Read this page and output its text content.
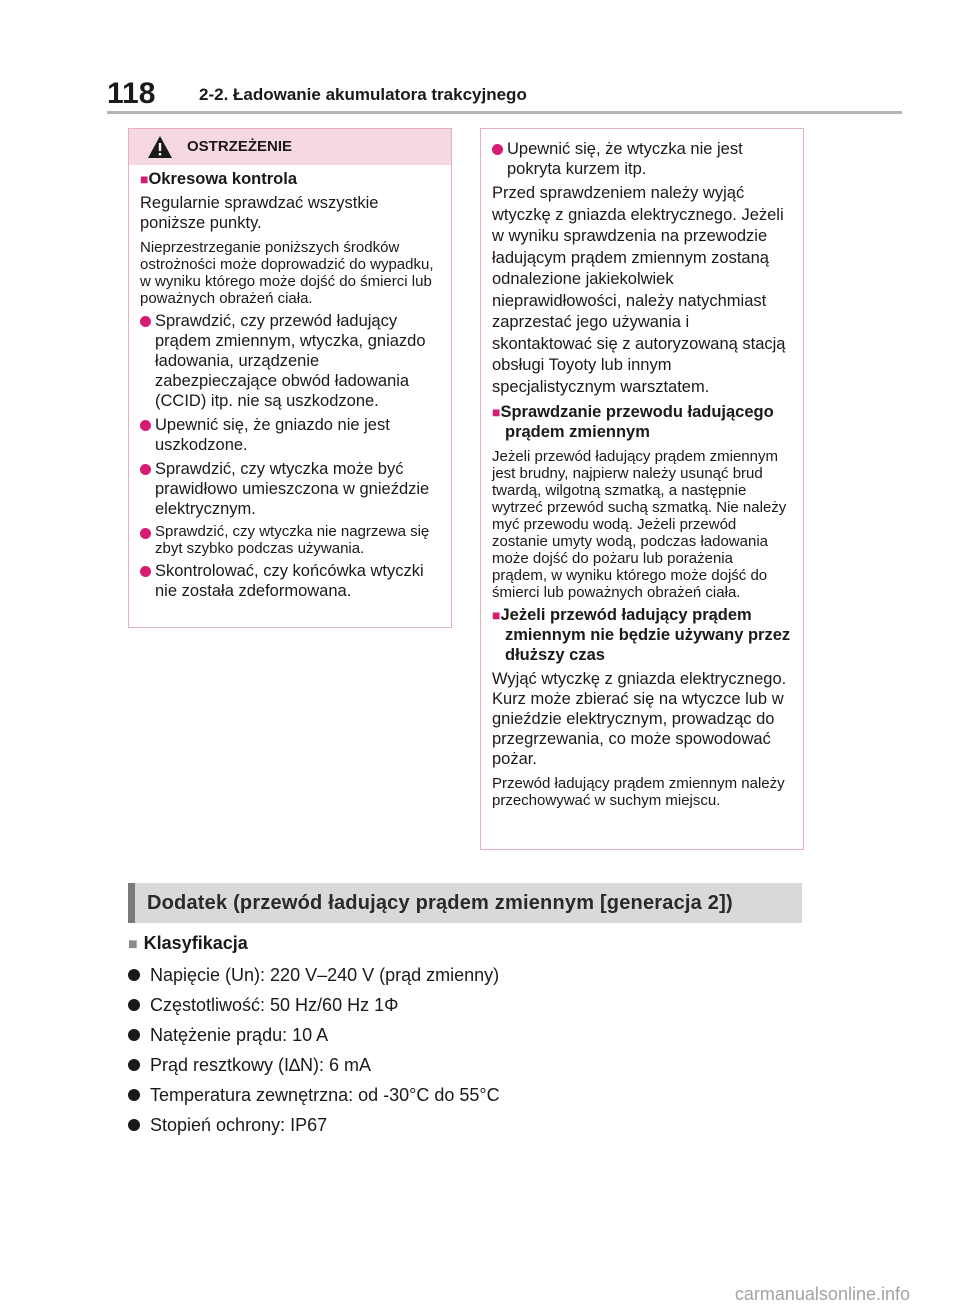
118	2-2. Ładowanie akumulatora trakcyjnego
OSTRZEŻENIE
■Okresowa kontrola
Regularnie sprawdzać wszystkie poniższe punkty.
Nieprzestrzeganie poniższych środków ostrożności może doprowadzić do wypadku, w wyniku którego może dojść do śmierci lub poważnych obrażeń ciała.
Sprawdzić, czy przewód ładujący prądem zmiennym, wtyczka, gniazdo ładowania, urządzenie zabezpieczające obwód ładowania (CCID) itp. nie są uszkodzone.
Upewnić się, że gniazdo nie jest uszkodzone.
Sprawdzić, czy wtyczka może być prawidłowo umieszczona w gnieździe elektrycznym.
Sprawdzić, czy wtyczka nie nagrzewa się zbyt szybko podczas używania.
Skontrolować, czy końcówka wtyczki nie została zdeformowana.
Upewnić się, że wtyczka nie jest pokryta kurzem itp.
Przed sprawdzeniem należy wyjąć wtyczkę z gniazda elektrycznego. Jeżeli w wyniku sprawdzenia na przewodzie ładującym prądem zmiennym zostaną odnalezione jakiekolwiek nieprawidłowości, należy natychmiast zaprzestać jego używania i skontaktować się z autoryzowaną stacją obsługi Toyoty lub innym specjalistycznym warsztatem.
■Sprawdzanie przewodu ładującego prądem zmiennym
Jeżeli przewód ładujący prądem zmiennym jest brudny, najpierw należy usunąć brud twardą, wilgotną szmatką, a następnie wytrzeć przewód suchą szmatką. Nie należy myć przewodu wodą. Jeżeli przewód zostanie umyty wodą, podczas ładowania może dojść do pożaru lub porażenia prądem, w wyniku którego może dojść do śmierci lub poważnych obrażeń ciała.
■Jeżeli przewód ładujący prądem zmiennym nie będzie używany przez dłuższy czas
Wyjąć wtyczkę z gniazda elektrycznego. Kurz może zbierać się na wtyczce lub w gnieździe elektrycznym, prowadząc do przegrzewania, co może spowodować pożar.
Przewód ładujący prądem zmiennym należy przechowywać w suchym miejscu.
Dodatek (przewód ładujący prądem zmiennym [generacja 2])
■ Klasyfikacja
Napięcie (Un): 220 V–240 V (prąd zmienny)
Częstotliwość: 50 Hz/60 Hz 1Φ
Natężenie prądu: 10 A
Prąd resztkowy (I∆N): 6 mA
Temperatura zewnętrzna: od -30°C do 55°C
Stopień ochrony: IP67
carmanualsonline.info
